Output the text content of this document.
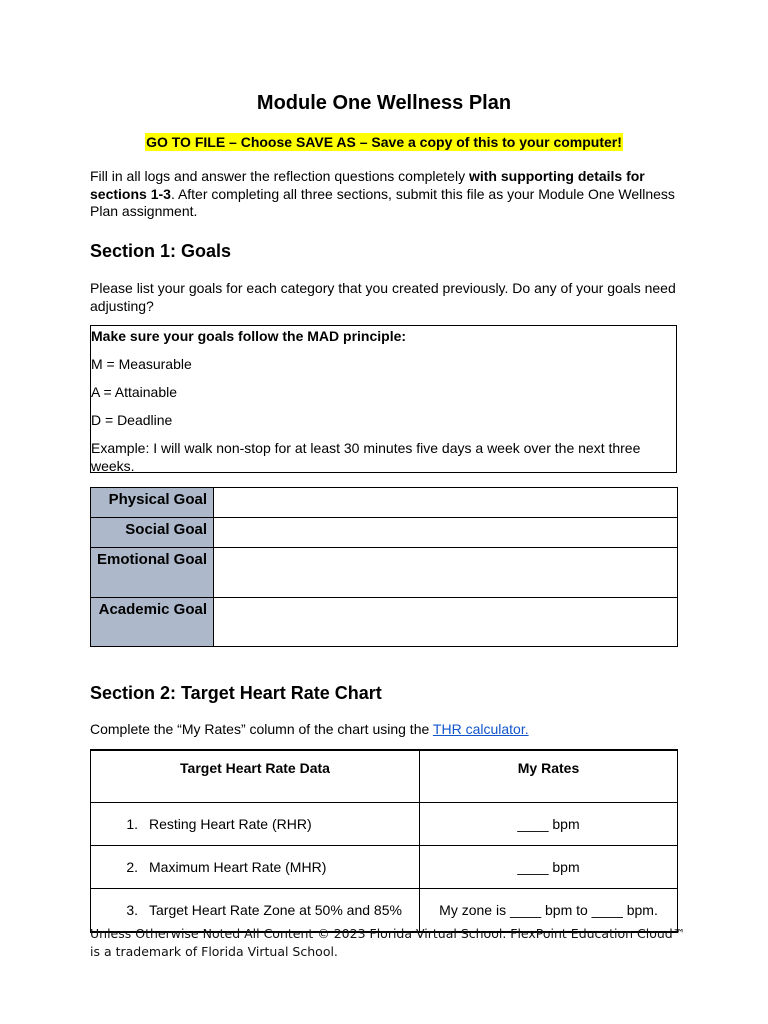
Module One Wellness Plan
GO TO FILE – Choose SAVE AS – Save a copy of this to your computer!
Fill in all logs and answer the reflection questions completely with supporting details for sections 1-3. After completing all three sections, submit this file as your Module One Wellness Plan assignment.
Section 1: Goals
Please list your goals for each category that you created previously. Do any of your goals need adjusting?
Make sure your goals follow the MAD principle:
M = Measurable
A = Attainable
D = Deadline
Example: I will walk non-stop for at least 30 minutes five days a week over the next three weeks.
Physical Goal	
Social Goal	
Emotional Goal	
Academic Goal	
Section 2: Target Heart Rate Chart
Complete the “My Rates” column of the chart using the THR calculator.
Target Heart Rate Data	My Rates
1. Resting Heart Rate (RHR)	____ bpm
2. Maximum Heart Rate (MHR)	____ bpm
3. Target Heart Rate Zone at 50% and 85%	My zone is ____ bpm to ____ bpm.
Unless Otherwise Noted All Content © 2023 Florida Virtual School. FlexPoint Education Cloud™ is a trademark of Florida Virtual School.
